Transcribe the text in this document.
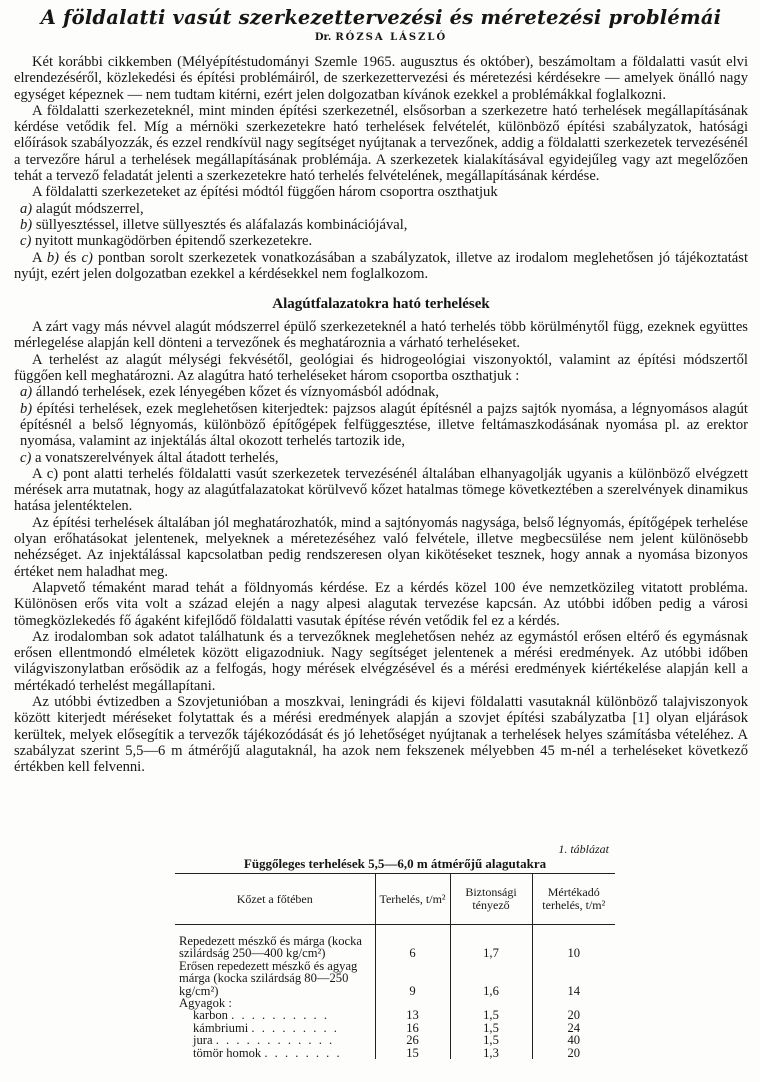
A földalatti vasút szerkezettervezési és méretezési problémái
Dr. RÓZSA LÁSZLÓ

Két korábbi cikkemben (Mélyépítéstudományi Szemle 1965. augusztus és október), beszámoltam a földalatti vasút elvi elrendezéséről, közlekedési és építési problémáiról, de szerkezettervezési és méretezési kérdésekre — amelyek önálló nagy egységet képeznek — nem tudtam kitérni, ezért jelen dolgozatban kívánok ezekkel a problémákkal foglalkozni.

A földalatti szerkezeteknél, mint minden építési szerkezetnél, elsősorban a szerkezetre ható terhelések megállapításának kérdése vetődik fel. Míg a mérnöki szerkezetekre ható terhelések felvételét, különböző építési szabályzatok, hatósági előírások szabályozzák, és ezzel rendkívül nagy segítséget nyújtanak a tervezőnek, addig a földalatti szerkezetek tervezésénél a tervezőre hárul a terhelések megállapításának problémája. A szerkezetek kialakításával egyidejűleg vagy azt megelőzően tehát a tervező feladatát jelenti a szerkezetekre ható terhelés felvételének, megállapításának kérdése.

A földalatti szerkezeteket az építési módtól függően három csoportra oszthatjuk

a) alagút módszerrel,

b) süllyesztéssel, illetve süllyesztés és aláfalazás kombinációjával,

c) nyitott munkagödörben épitendő szerkezetekre.

A b) és c) pontban sorolt szerkezetek vonatkozásában a szabályzatok, illetve az irodalom meglehetősen jó tájékoztatást nyújt, ezért jelen dolgozatban ezekkel a kérdésekkel nem foglalkozom.

Alagútfalazatokra ható terhelések

A zárt vagy más névvel alagút módszerrel épülő szerkezeteknél a ható terhelés több körülménytől függ, ezeknek együttes mérlegelése alapján kell dönteni a tervezőnek és meghatároznia a várható terheléseket.

A terhelést az alagút mélységi fekvésétől, geológiai és hidrogeológiai viszonyoktól, valamint az építési módszertől függően kell meghatározni. Az alagútra ható terheléseket három csoportba oszthatjuk :

a) állandó terhelések, ezek lényegében kőzet és víznyomásból adódnak,

b) építési terhelések, ezek meglehetősen kiterjedtek: pajzsos alagút építésnél a pajzs sajtók nyomása, a légnyomásos alagút építésnél a belső légnyomás, különböző építőgépek felfüggesztése, illetve feltámaszkodásának nyomása pl. az erektor nyomása, valamint az injektálás által okozott terhelés tartozik ide,

c) a vonatszerelvények által átadott terhelés,

A c) pont alatti terhelés földalatti vasút szerkezetek tervezésénél általában elhanyagolják ugyanis a különböző elvégzett mérések arra mutatnak, hogy az alagútfalazatokat körülvevő kőzet hatalmas tömege következtében a szerelvények dinamikus hatása jelentéktelen.

Az építési terhelések általában jól meghatározhatók, mind a sajtónyomás nagysága, belső légnyomás, építőgépek terhelése olyan erőhatásokat jelentenek, melyeknek a méretezéséhez való felvétele, illetve megbecsülése nem jelent különösebb nehézséget. Az injektálással kapcsolatban pedig rendszeresen olyan kikötéseket tesznek, hogy annak a nyomása bizonyos értéket nem haladhat meg.

Alapvető témaként marad tehát a földnyomás kérdése. Ez a kérdés közel 100 éve nemzetközileg vitatott probléma. Különösen erős vita volt a század elején a nagy alpesi alagutak tervezése kapcsán. Az utóbbi időben pedig a városi tömegközlekedés fő ágaként kifejlődő földalatti vasutak építése révén vetődik fel ez a kérdés.

Az irodalomban sok adatot találhatunk és a tervezőknek meglehetősen nehéz az egymástól erősen eltérő és egymásnak erősen ellentmondó elméletek között eligazodniuk. Nagy segítséget jelentenek a mérési eredmények. Az utóbbi időben világviszonylatban erősödik az a felfogás, hogy mérések elvégzésével és a mérési eredmények kiértékelése alapján kell a mértékadó terhelést megállapítani.

Az utóbbi évtizedben a Szovjetunióban a moszkvai, leningrádi és kijevi földalatti vasutaknál különböző talajviszonyok között kiterjedt méréseket folytattak és a mérési eredmények alapján a szovjet építési szabályzatba [1] olyan eljárások kerültek, melyek elősegítik a tervezők tájékozódását és jó lehetőséget nyújtanak a terhelések helyes számításba vételéhez. A szabályzat szerint 5,5—6 m átmérőjű alagutaknál, ha azok nem fekszenek mélyebben 45 m-nél a terheléseket következő értékben kell felvenni.

1. táblázat
Függőleges terhelések 5,5—6,0 m átmérőjű alagutakra
Kőzet a főtében	Terhelés, t/m²	Biztonsági tényező	Mértékadó terhelés, t/m²

Repedezett mészkő és márga (kocka szilárdság 250—400 kg/cm²)	6	1,7	10
Erősen repedezett mészkő és agyag márga (kocka szilárdság 80—250 kg/cm²)	9	1,6	14
Agyagok :			
karbon . . . . . . . . . .	13	1,5	20
kámbriumi . . . . . . . . .	16	1,5	24
jura . . . . . . . . . . . .	26	1,5	40
tömör homok . . . . . . . .	15	1,3	20
